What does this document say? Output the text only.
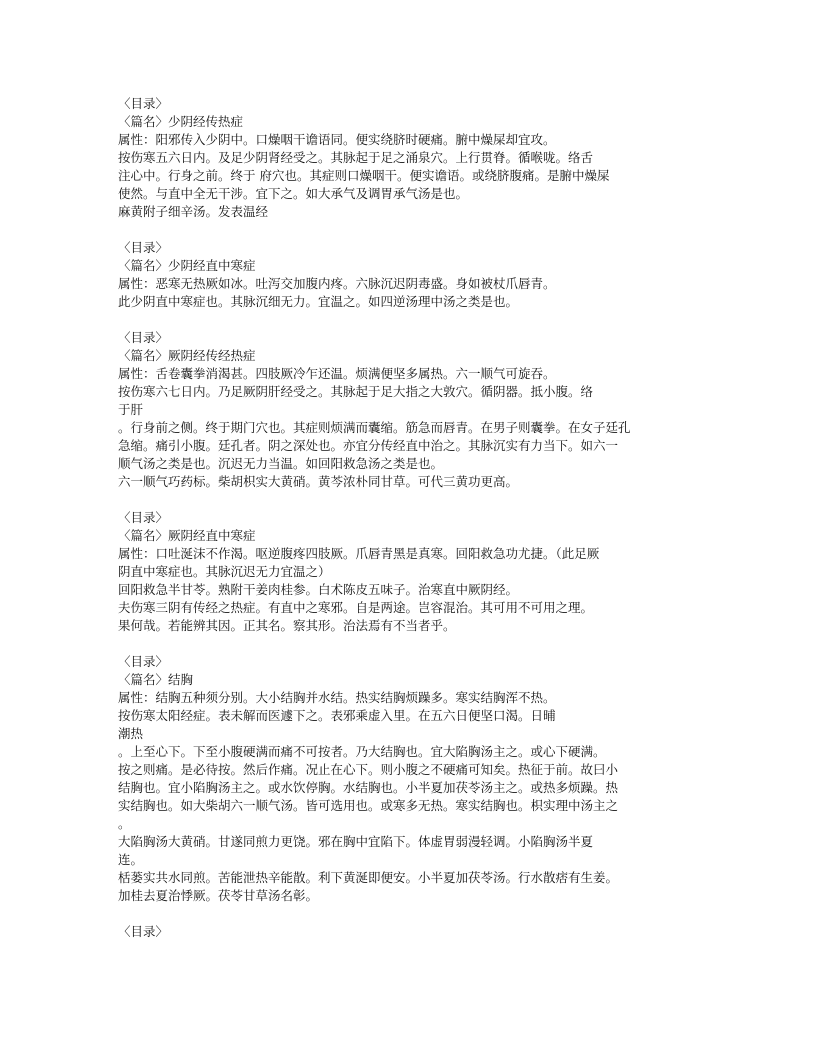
〈目录〉
〈篇名〉少阴经传热症
属性：阳邪传入少阴中。口燥咽干谵语同。便实绕脐时硬痛。腑中燥屎却宜攻。
按伤寒五六日内。及足少阴肾经受之。其脉起于足之涌泉穴。上行贯脊。循喉咙。络舌
注心中。行身之前。终于 府穴也。其症则口燥咽干。便实谵语。或绕脐腹痛。是腑中燥屎
使然。与直中全无干涉。宜下之。如大承气及调胃承气汤是也。
麻黄附子细辛汤。发表温经
〈目录〉
〈篇名〉少阴经直中寒症
属性：恶寒无热厥如冰。吐泻交加腹内疼。六脉沉迟阴毒盛。身如被杖爪唇青。
此少阴直中寒症也。其脉沉细无力。宜温之。如四逆汤理中汤之类是也。
〈目录〉
〈篇名〉厥阴经传经热症
属性：舌卷囊拳消渴甚。四肢厥冷乍还温。烦满便坚多属热。六一顺气可旋吞。
按伤寒六七日内。乃足厥阴肝经受之。其脉起于足大指之大敦穴。循阴器。抵小腹。络
于肝
。行身前之侧。终于期门穴也。其症则烦满而囊缩。筋急而唇青。在男子则囊拳。在女子廷孔
急缩。痛引小腹。廷孔者。阴之深处也。亦宜分传经直中治之。其脉沉实有力当下。如六一
顺气汤之类是也。沉迟无力当温。如回阳救急汤之类是也。
六一顺气巧药标。柴胡枳实大黄硝。黄芩浓朴同甘草。可代三黄功更高。
〈目录〉
〈篇名〉厥阴经直中寒症
属性：口吐涎沫不作渴。呕逆腹疼四肢厥。爪唇青黑是真寒。回阳救急功尤捷。（此足厥
阴直中寒症也。其脉沉迟无力宜温之）
回阳救急半甘苓。熟附干姜肉桂参。白术陈皮五味子。治寒直中厥阴经。
夫伤寒三阴有传经之热症。有直中之寒邪。自是两途。岂容混治。其可用不可用之理。
果何哉。若能辨其因。正其名。察其形。治法焉有不当者乎。
〈目录〉
〈篇名〉结胸
属性：结胸五种须分别。大小结胸并水结。热实结胸烦躁多。寒实结胸浑不热。
按伤寒太阳经症。表未解而医遽下之。表邪乘虚入里。在五六日便坚口渴。日晡
潮热
。上至心下。下至小腹硬满而痛不可按者。乃大结胸也。宜大陷胸汤主之。或心下硬满。
按之则痛。是必待按。然后作痛。况止在心下。则小腹之不硬痛可知矣。热征于前。故曰小
结胸也。宜小陷胸汤主之。或水饮停胸。水结胸也。小半夏加茯苓汤主之。或热多烦躁。热
实结胸也。如大柴胡六一顺气汤。皆可选用也。或寒多无热。寒实结胸也。枳实理中汤主之
。
大陷胸汤大黄硝。甘遂同煎力更饶。邪在胸中宜陷下。体虚胃弱漫轻调。小陷胸汤半夏
连。
栝蒌实共水同煎。苦能泄热辛能散。利下黄涎即便安。小半夏加茯苓汤。行水散痞有生姜。
加桂去夏治悸厥。茯苓甘草汤名彰。
〈目录〉
